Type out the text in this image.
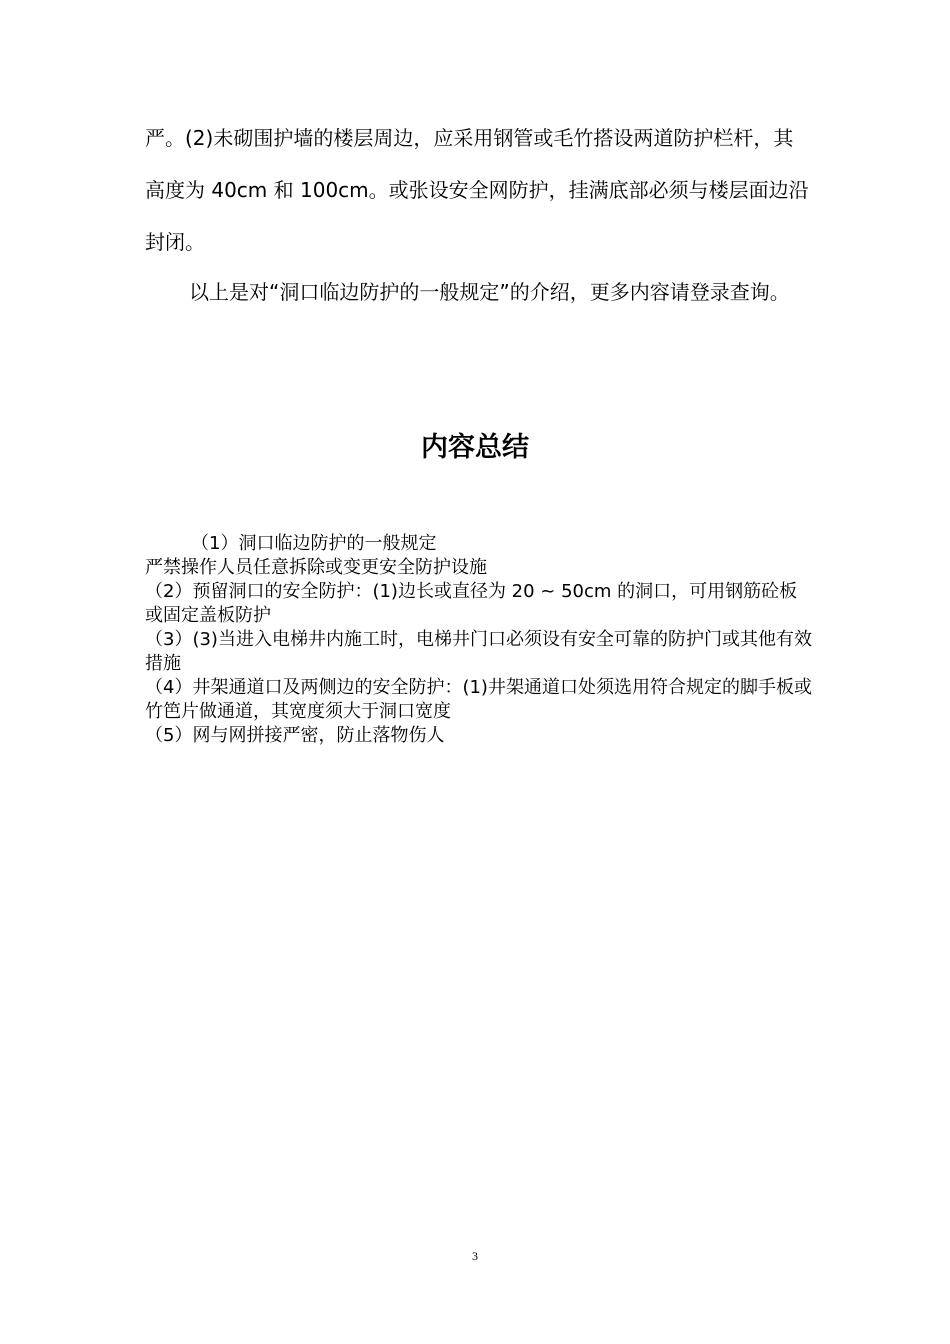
严。(2)未砌围护墙的楼层周边，应采用钢管或毛竹搭设两道防护栏杆，其高度为 40cm 和 100cm。或张设安全网防护，挂满底部必须与楼层面边沿封闭。

以上是对“洞口临边防护的一般规定”的介绍，更多内容请登录查询。

内容总结
（1）洞口临边防护的一般规定
严禁操作人员任意拆除或变更安全防护设施
（2）预留洞口的安全防护：(1)边长或直径为 20 ~ 50cm 的洞口，可用钢筋砼板或固定盖板防护
（3）(3)当进入电梯井内施工时，电梯井门口必须设有安全可靠的防护门或其他有效措施
（4）井架通道口及两侧边的安全防护：(1)井架通道口处须选用符合规定的脚手板或竹笆片做通道，其宽度须大于洞口宽度
（5）网与网拼接严密，防止落物伤人
3
